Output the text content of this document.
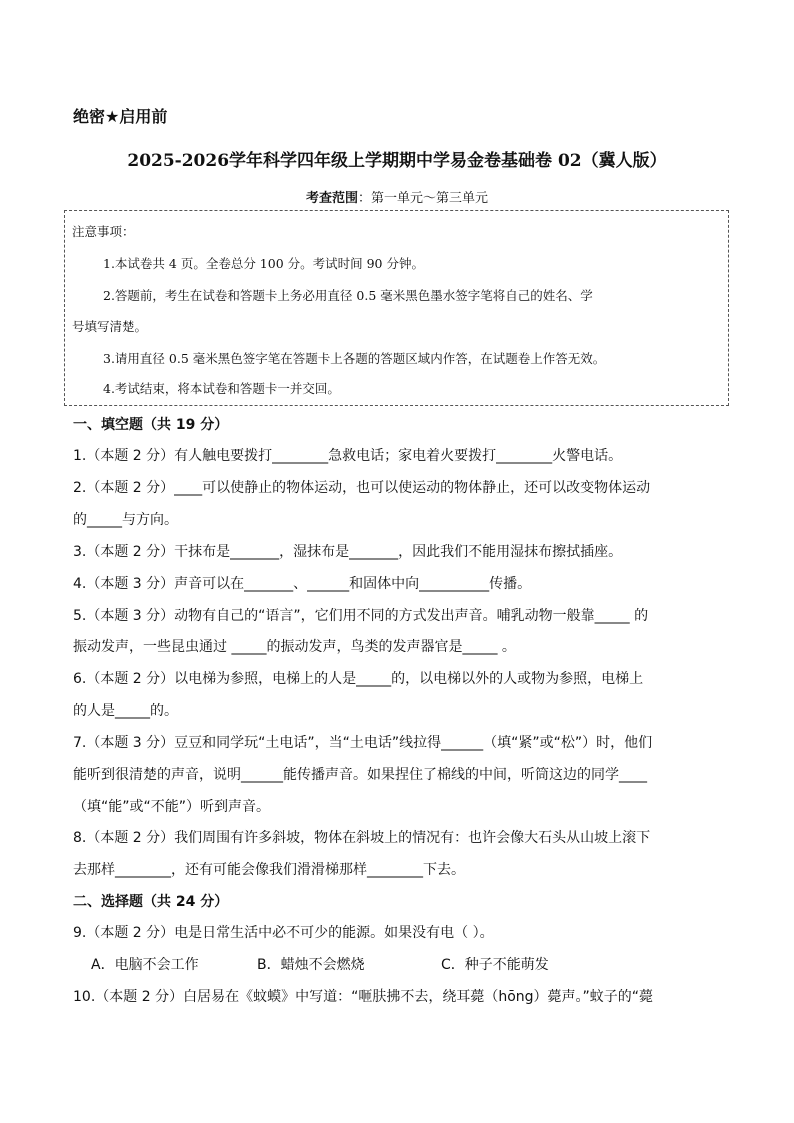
绝密★启用前
2025-2026学年科学四年级上学期期中学易金卷基础卷 02（冀人版）
考查范围：第一单元～第三单元
注意事项：
1.本试卷共 4 页。全卷总分 100 分。考试时间 90 分钟。
2.答题前，考生在试卷和答题卡上务必用直径 0.5 毫米黑色墨水签字笔将自己的姓名、学
号填写清楚。
3.请用直径 0.5 毫米黑色签字笔在答题卡上各题的答题区域内作答，在试题卷上作答无效。
4.考试结束，将本试卷和答题卡一并交回。
一、填空题（共 19 分）
1.（本题 2 分）有人触电要拨打________急救电话；家电着火要拨打________火警电话。
2.（本题 2 分）____可以使静止的物体运动，也可以使运动的物体静止，还可以改变物体运动
的_____与方向。
3.（本题 2 分）干抹布是_______，湿抹布是_______，因此我们不能用湿抹布擦拭插座。
4.（本题 3 分）声音可以在_______、______和固体中向__________传播。
5.（本题 3 分）动物有自己的“语言”，它们用不同的方式发出声音。哺乳动物一般靠_____ 的
振动发声，一些昆虫通过 _____的振动发声，鸟类的发声器官是_____ 。
6.（本题 2 分）以电梯为参照，电梯上的人是_____的，以电梯以外的人或物为参照，电梯上
的人是_____的。
7.（本题 3 分）豆豆和同学玩“土电话”，当“土电话”线拉得______（填“紧”或“松”）时，他们
能听到很清楚的声音，说明______能传播声音。如果捏住了棉线的中间，听筒这边的同学____
（填“能”或“不能”）听到声音。
8.（本题 2 分）我们周围有许多斜坡，物体在斜坡上的情况有：也许会像大石头从山坡上滚下
去那样________，还有可能会像我们滑滑梯那样________下去。
二、选择题（共 24 分）
9.（本题 2 分）电是日常生活中必不可少的能源。如果没有电（ ）。
A．电脑不会工作	B．蜡烛不会燃烧	C．种子不能萌发
10.（本题 2 分）白居易在《蚊蟆》中写道：“咂肤拂不去，绕耳薨（hōng）薨声。”蚊子的“薨
